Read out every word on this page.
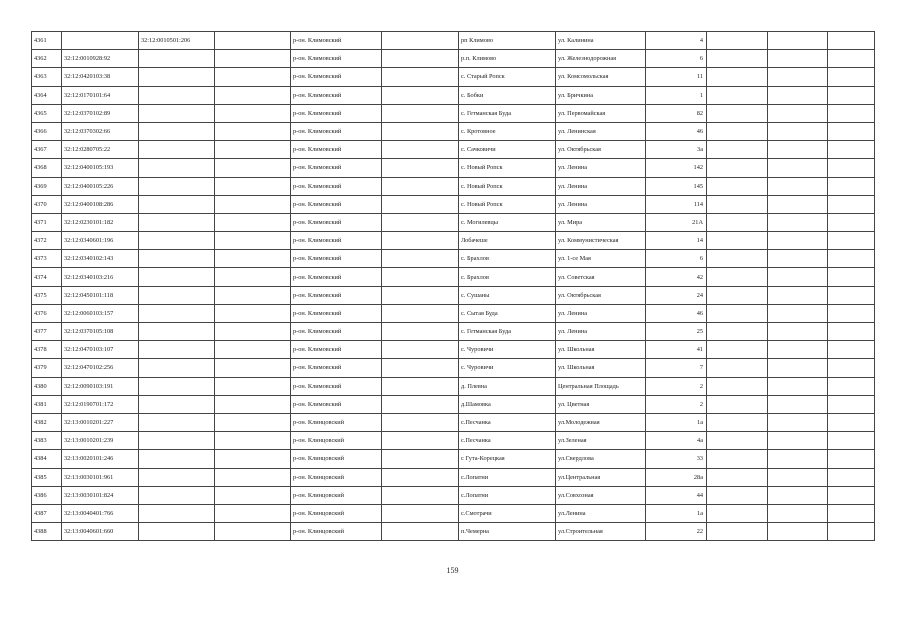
4361		32:12:0010501:206		р-он. Климовский		рп Климово	ул. Калинина	4			
4362	32:12:0010928:92			р-он. Климовский		р.п. Климово	ул. Железнодорожная	6			
4363	32:12:0420103:38			р-он. Климовский		с. Старый Ропск	ул. Комсомольская	11			
4364	32:12:0170101:64			р-он. Климовский		с. Бобки	ул. Бричкина	1			
4365	32:12:0370102:89			р-он. Климовский		с. Гетманская Буда	ул. Первомайская	82			
4366	32:12:0370302:66			р-он. Климовский		с. Кротовное	ул. Ленинская	46			
4367	32:12:0280705:22			р-он. Климовский		с. Сачковичи	ул. Октябрьская	3а			
4368	32:12:0400105:193			р-он. Климовский		с. Новый Ропск	ул. Ленина	142			
4369	32:12:0400105:226			р-он. Климовский		с. Новый Ропск	ул. Ленина	145			
4370	32:12:0400108:286			р-он. Климовский		с. Новый Ропск	ул. Ленина	114			
4371	32:12:0230101:182			р-он. Климовский		с. Могилевцы	ул. Мира	21А			
4372	32:12:0340601:196			р-он. Климовский		Лобачеше	ул. Коммунистическая	14			
4373	32:12:0340102:143			р-он. Климовский		с. Брахлов	ул. 1-се Мая	6			
4374	32:12:0340103:216			р-он. Климовский		с. Брахлов	ул. Советская	42			
4375	32:12:0450101:118			р-он. Климовский		с. Сушаны	ул. Октябрьская	24			
4376	32:12:0060103:157			р-он. Климовский		с. Сытая Буда	ул. Ленина	46			
4377	32:12:0370105:108			р-он. Климовский		с. Гетманская Буда	ул. Ленина	25			
4378	32:12:0470103:107			р-он. Климовский		с. Чуровичи	ул. Школьная	41			
4379	32:12:0470102:256			р-он. Климовский		с. Чуровичи	ул. Школьная	7			
4380	32:12:0090103:191			р-он. Климовский		д. Плевна	Центральная Площадь	2			
4381	32:12:0190701:172			р-он. Климовский		д.Шамовка	ул. Цветная	2			
4382	32:13:0010201:227			р-он. Клинцовский		с.Песчанка	ул.Молодежная	1а			
4383	32:13:0010201:239			р-он. Клинцовский		с.Песчанка	ул.Зеленая	4а			
4384	32:13:0020101:246			р-он. Клинцовский		с Гута-Корецкая	ул.Свердлова	33			
4385	32:13:0030101:961			р-он. Клинцовский		с.Лопатни	ул.Центральная	28а			
4386	32:13:0030101:824			р-он. Клинцовский		с.Лопатни	ул.Совхозная	44			
4387	32:13:0040401:766			р-он. Клинцовский		с.Смотрачи	ул.Ленина	1а			
4388	32:13:0040601:660			р-он. Клинцовский		п.Чемерна	ул.Строительная	22			
159
